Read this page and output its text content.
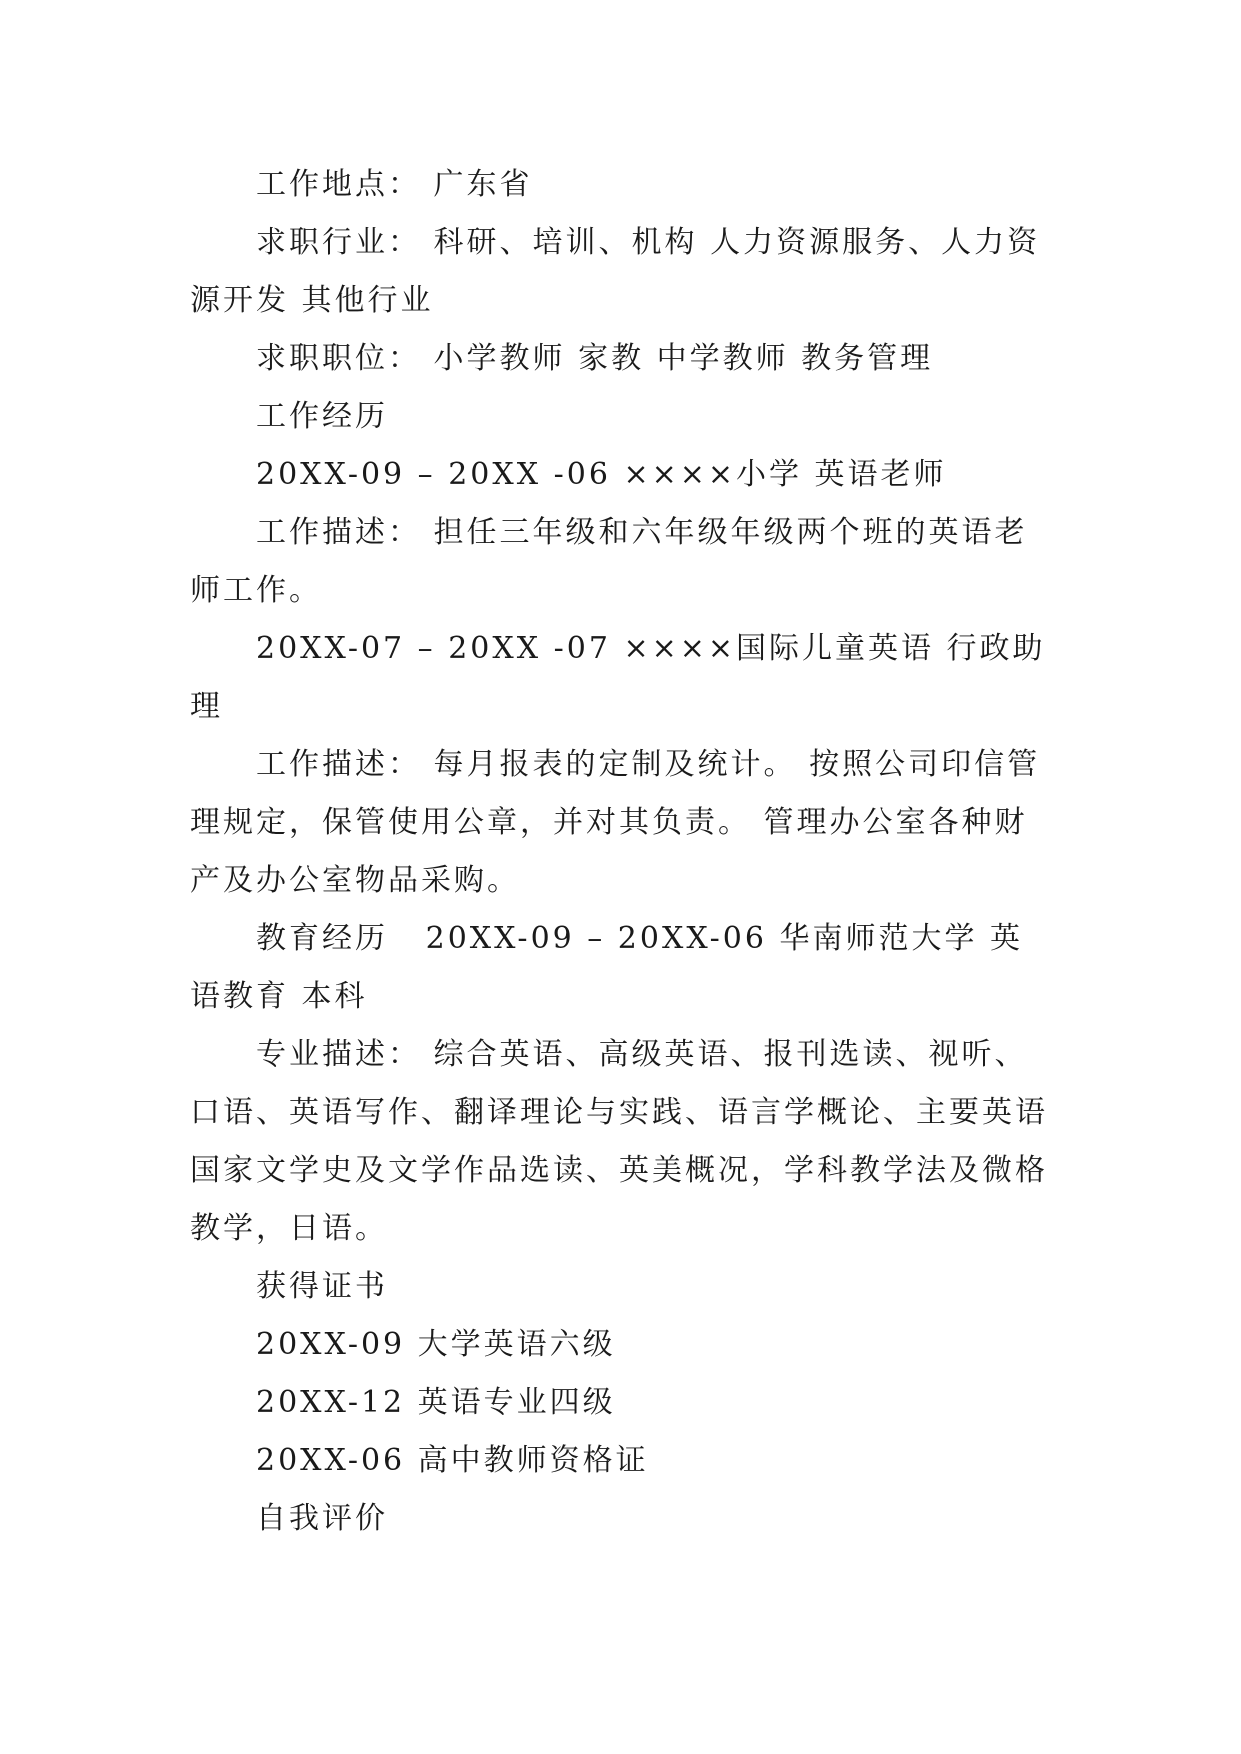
工作地点： 广东省

求职行业： 科研、培训、机构 人力资源服务、人力资源开发 其他行业

求职职位： 小学教师 家教 中学教师 教务管理

工作经历

20XX-09 – 20XX -06 ××××小学 英语老师

工作描述： 担任三年级和六年级年级两个班的英语老师工作。

20XX-07 – 20XX -07 ××××国际儿童英语 行政助理

工作描述： 每月报表的定制及统计。 按照公司印信管理规定，保管使用公章，并对其负责。 管理办公室各种财产及办公室物品采购。

教育经历   20XX-09 – 20XX-06 华南师范大学 英语教育 本科

专业描述： 综合英语、高级英语、报刊选读、视听、口语、英语写作、翻译理论与实践、语言学概论、主要英语国家文学史及文学作品选读、英美概况，学科教学法及微格教学，日语。

获得证书

20XX-09 大学英语六级

20XX-12 英语专业四级

20XX-06 高中教师资格证

自我评价
